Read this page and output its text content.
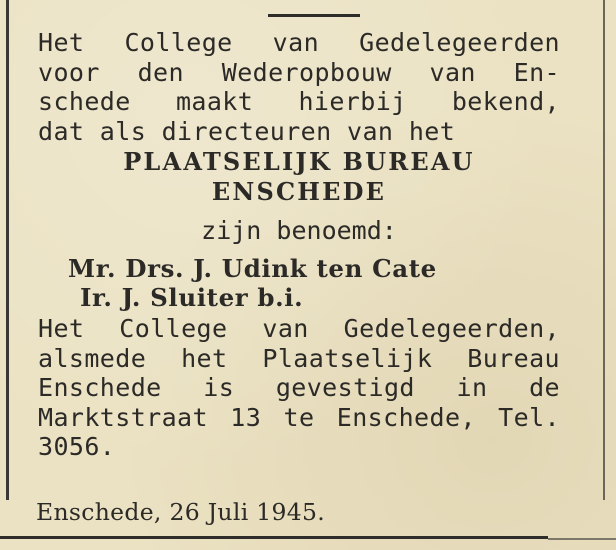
Het College van Gedelegeerden
voor den Wederopbouw van En-
schede maakt hierbij bekend,
dat als directeuren van het
PLAATSELIJK BUREAU
ENSCHEDE
zijn benoemd:
Mr. Drs. J. Udink ten Cate
Ir. J. Sluiter b.i.
Het College van Gedelegeerden,
alsmede het Plaatselijk Bureau
Enschede is gevestigd in de
Marktstraat 13 te Enschede, Tel.
3056.
Enschede, 26 Juli 1945.
